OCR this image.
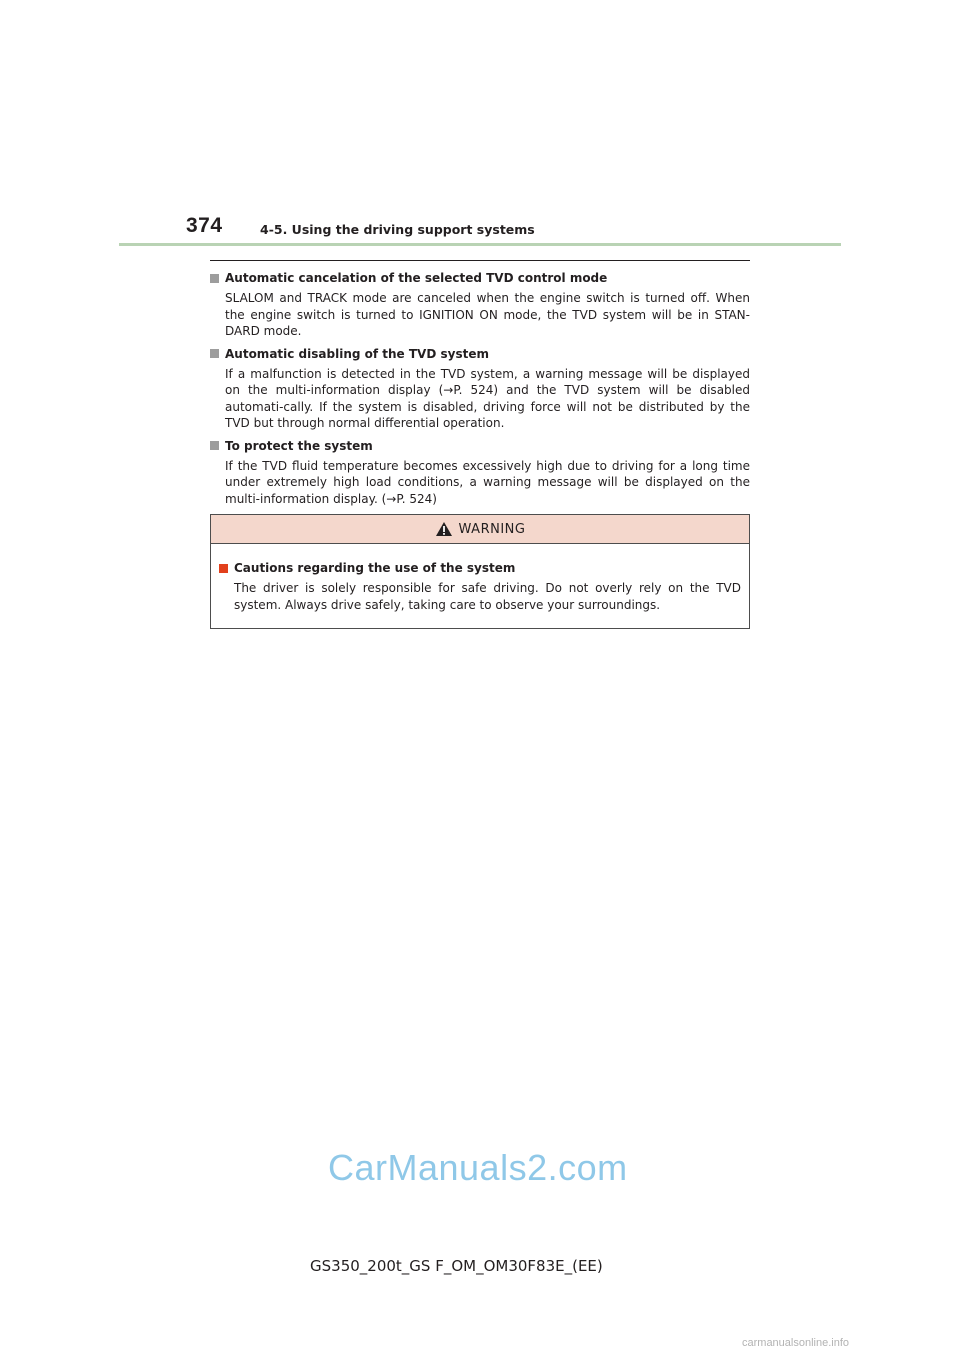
374	4-5. Using the driving support systems
Automatic cancelation of the selected TVD control mode
SLALOM and TRACK mode are canceled when the engine switch is turned off. When the engine switch is turned to IGNITION ON mode, the TVD system will be in STAN-DARD mode.
Automatic disabling of the TVD system
If a malfunction is detected in the TVD system, a warning message will be displayed on the multi-information display (→P. 524) and the TVD system will be disabled automati-cally. If the system is disabled, driving force will not be distributed by the TVD but through normal differential operation.
To protect the system
If the TVD fluid temperature becomes excessively high due to driving for a long time under extremely high load conditions, a warning message will be displayed on the multi-information display. (→P. 524)
WARNING
Cautions regarding the use of the system
The driver is solely responsible for safe driving. Do not overly rely on the TVD system. Always drive safely, taking care to observe your surroundings.
CarManuals2.com
GS350_200t_GS F_OM_OM30F83E_(EE)
carmanualsonline.info
